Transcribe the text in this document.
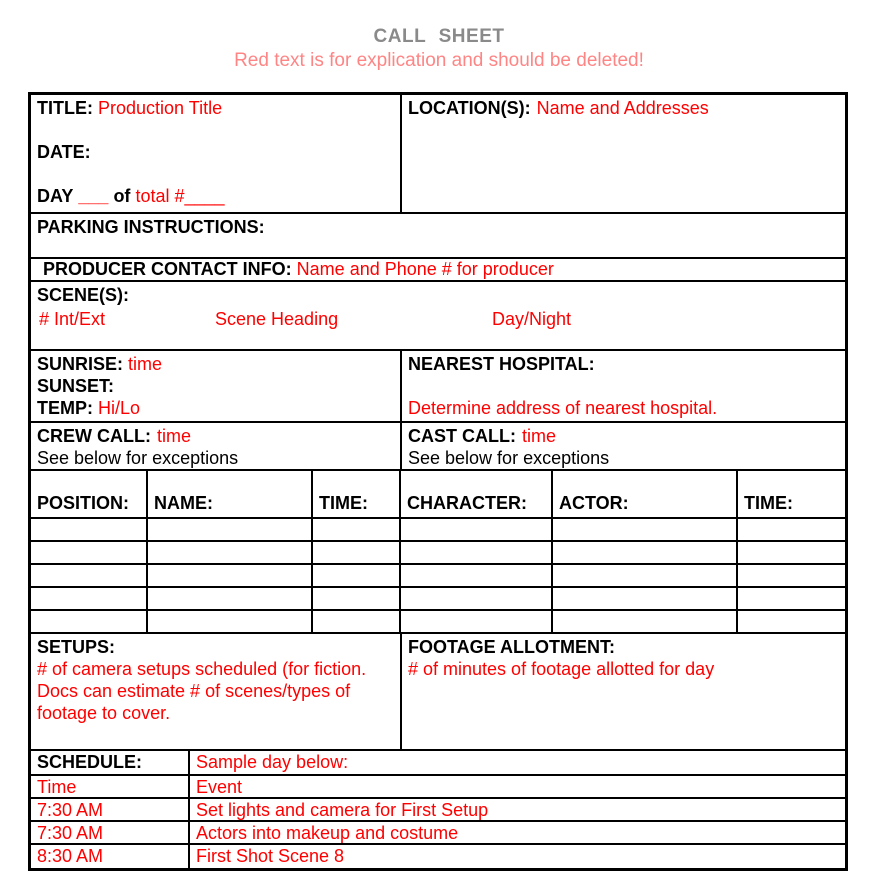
CALL SHEET
Red text is for explication and should be deleted!
TITLE: Production Title

DATE:

DAY ___ of total #____
LOCATION(S): Name and Addresses
PARKING INSTRUCTIONS:
PRODUCER CONTACT INFO: Name and Phone # for producer
SCENE(S):
# Int/Ext	Scene Heading	Day/Night
SUNRISE: time
SUNSET:
TEMP: Hi/Lo
NEAREST HOSPITAL:

Determine address of nearest hospital.
CREW CALL: time
See below for exceptions
CAST CALL: time
See below for exceptions
POSITION:	NAME:	TIME:	CHARACTER:	ACTOR:	TIME:
SETUPS:
# of camera setups scheduled (for fiction. Docs can estimate # of scenes/types of footage to cover.
FOOTAGE ALLOTMENT:
# of minutes of footage allotted for day
SCHEDULE:	Sample day below:
Time	Event
7:30 AM	Set lights and camera for First Setup
7:30 AM	Actors into makeup and costume
8:30 AM	First Shot Scene 8
